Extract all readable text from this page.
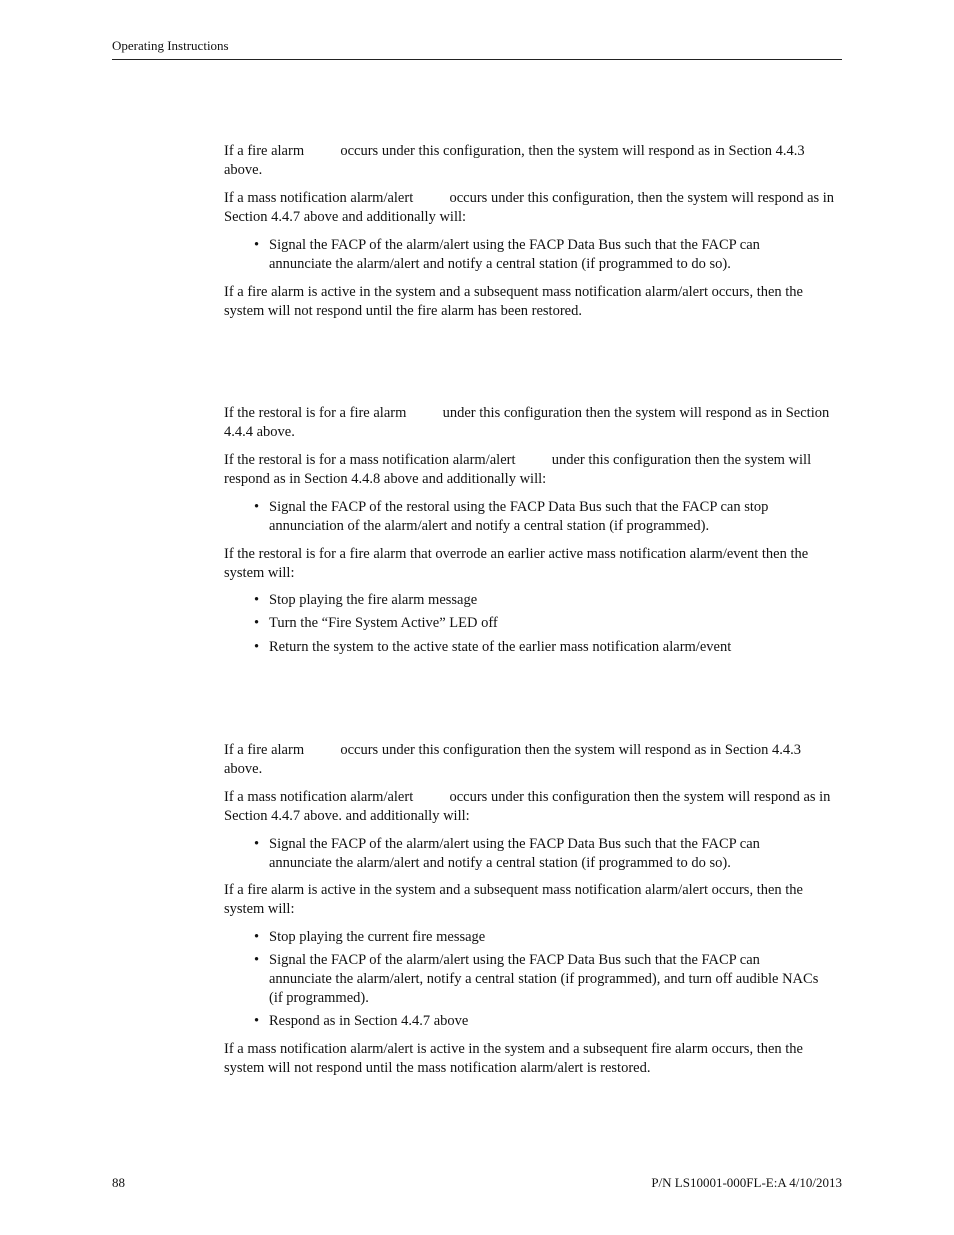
Operating Instructions

If a fire alarm          occurs under this configuration, then the system will respond as in Section 4.4.3 above.

If a mass notification alarm/alert          occurs under this configuration, then the system will respond as in Section 4.4.7 above and additionally will:

• Signal the FACP of the alarm/alert using the FACP Data Bus such that the FACP can annunciate the alarm/alert and notify a central station (if programmed to do so).

If a fire alarm is active in the system and a subsequent mass notification alarm/alert occurs, then the system will not respond until the fire alarm has been restored.

If the restoral is for a fire alarm          under this configuration then the system will respond as in Section 4.4.4 above.

If the restoral is for a mass notification alarm/alert          under this configuration then the system will respond as in Section 4.4.8 above and additionally will:

• Signal the FACP of the restoral using the FACP Data Bus such that the FACP can stop annunciation of the alarm/alert and notify a central station (if programmed).

If the restoral is for a fire alarm that overrode an earlier active mass notification alarm/event then the system will:

• Stop playing the fire alarm message
• Turn the “Fire System Active” LED off
• Return the system to the active state of the earlier mass notification alarm/event

If a fire alarm          occurs under this configuration then the system will respond as in Section 4.4.3 above.

If a mass notification alarm/alert          occurs under this configuration then the system will respond as in Section 4.4.7 above. and additionally will:

• Signal the FACP of the alarm/alert using the FACP Data Bus such that the FACP can annunciate the alarm/alert and notify a central station (if programmed to do so).

If a fire alarm is active in the system and a subsequent mass notification alarm/alert occurs, then the system will:

• Stop playing the current fire message
• Signal the FACP of the alarm/alert using the FACP Data Bus such that the FACP can annunciate the alarm/alert, notify a central station (if programmed), and turn off audible NACs (if programmed).
• Respond as in Section 4.4.7 above

If a mass notification alarm/alert is active in the system and a subsequent fire alarm occurs, then the system will not respond until the mass notification alarm/alert is restored.

88	P/N LS10001-000FL-E:A 4/10/2013
